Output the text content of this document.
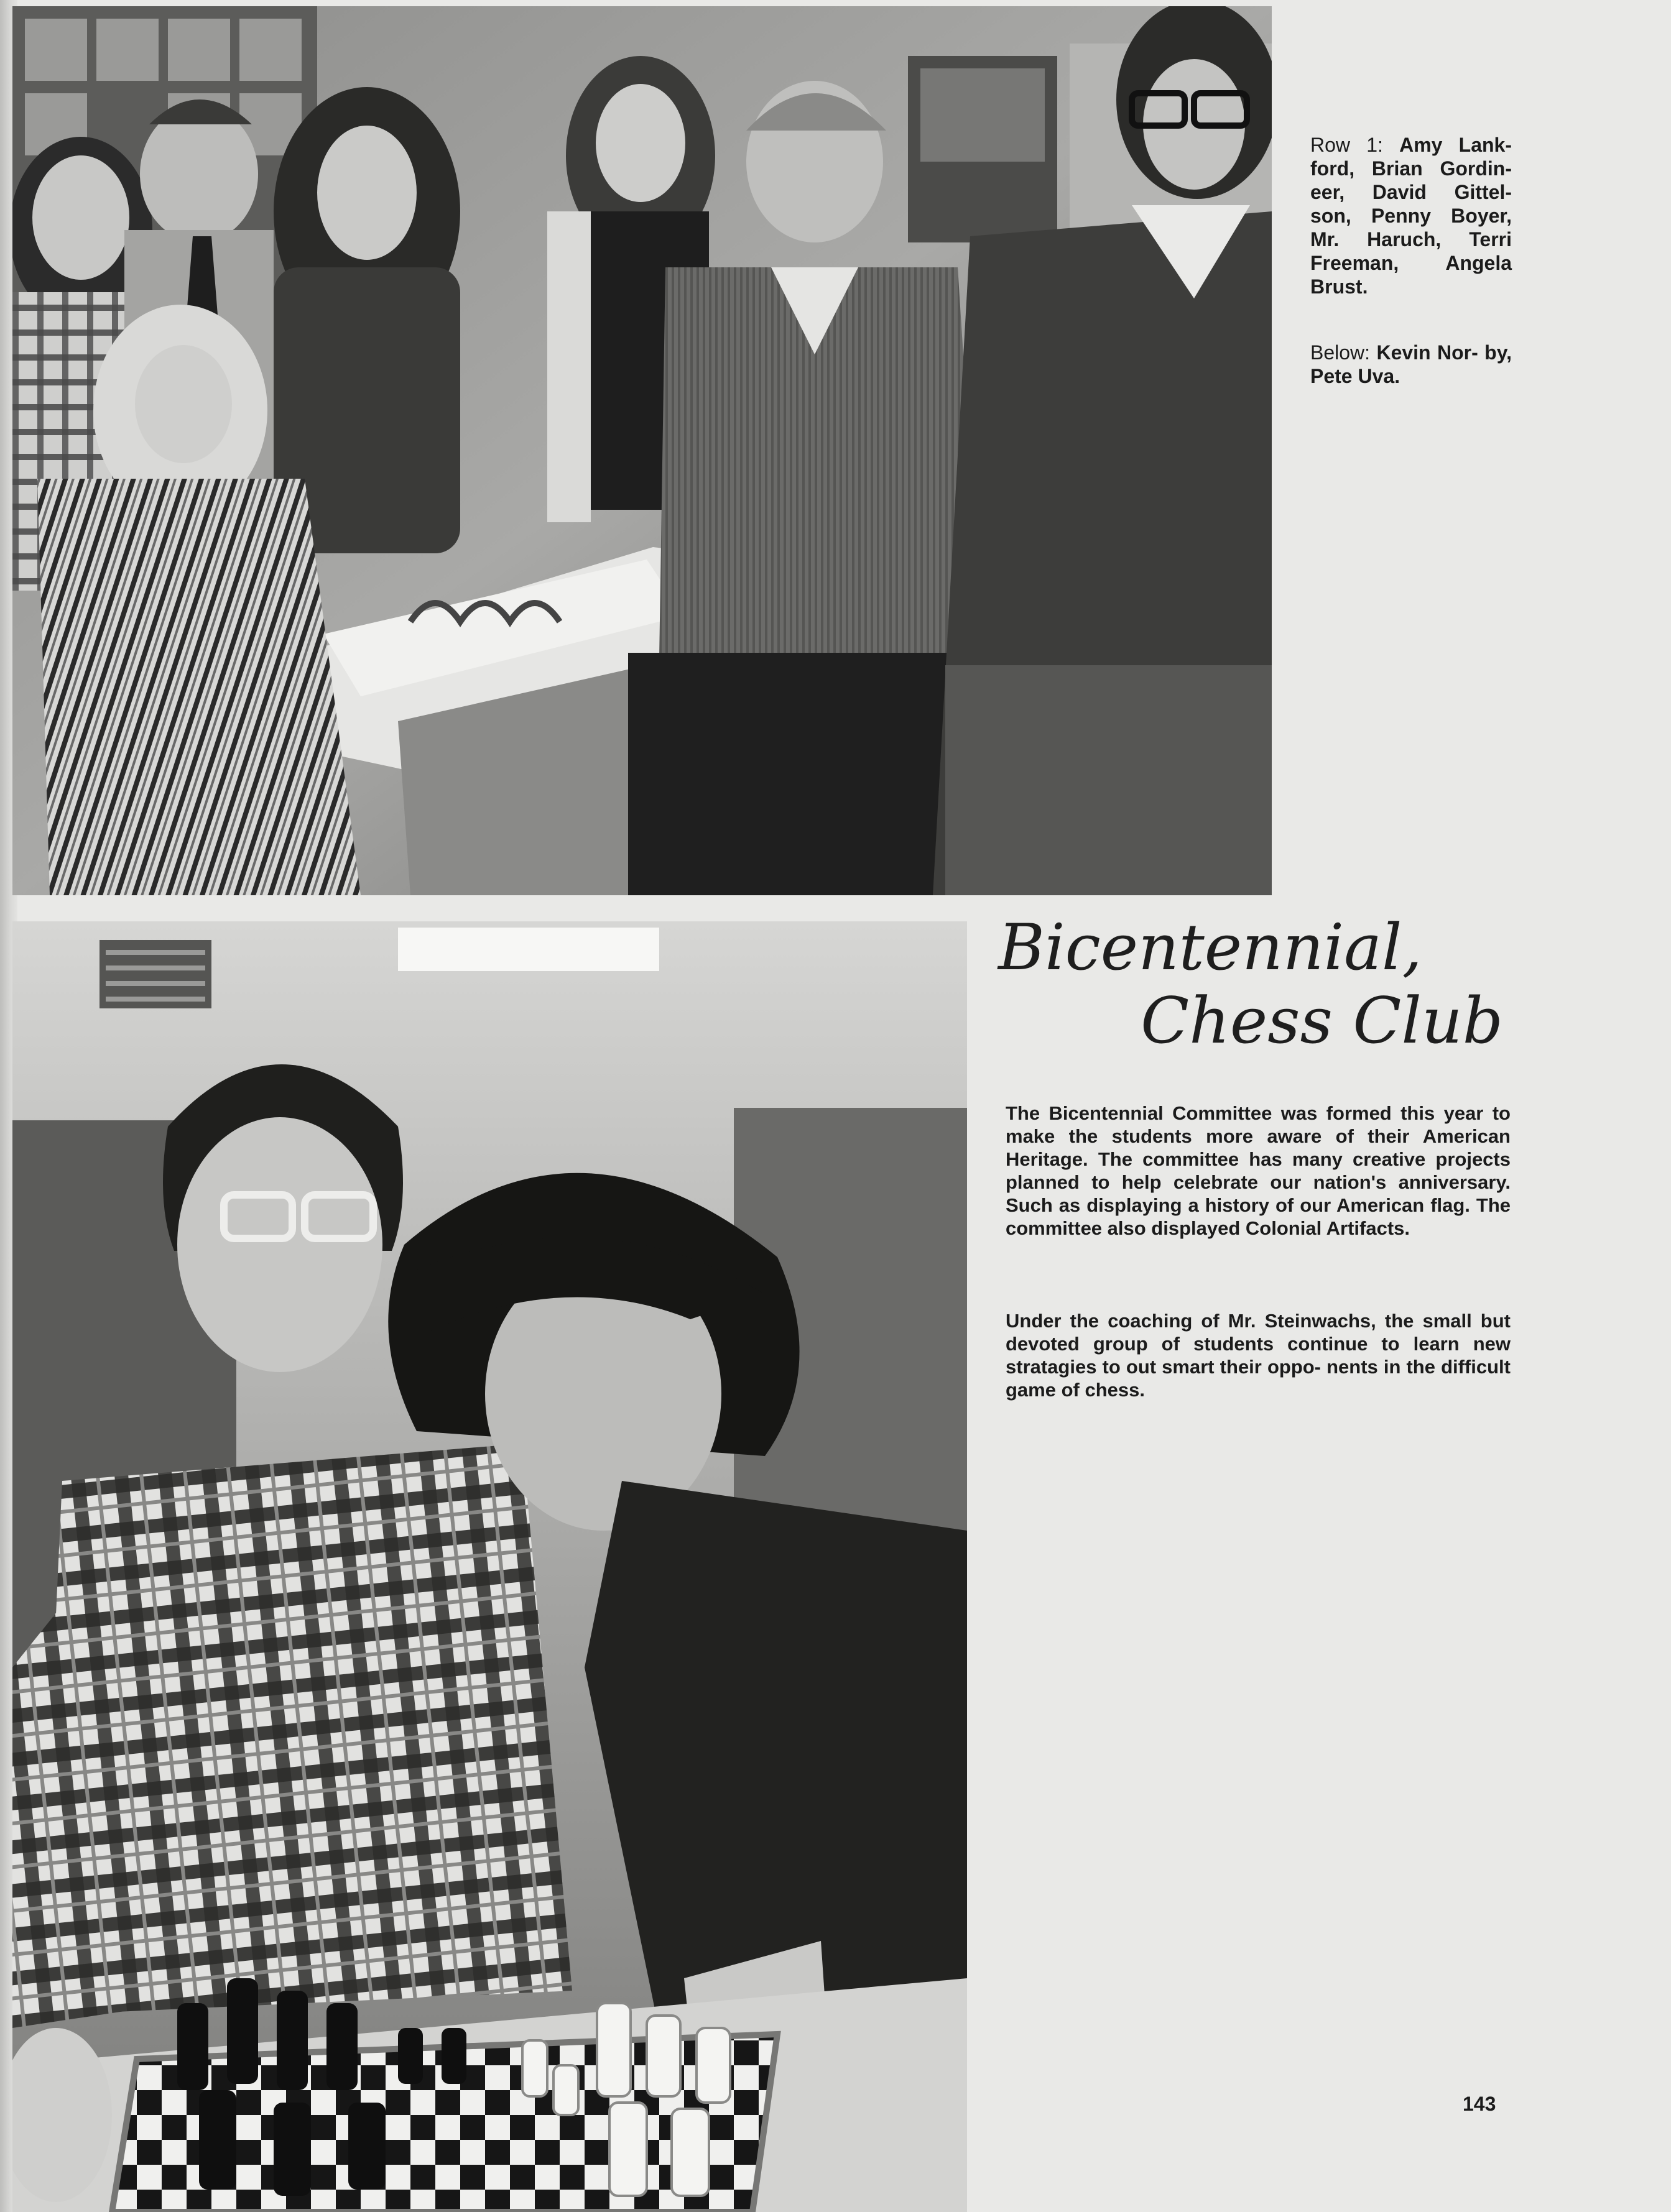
Row 1: Amy Lank- ford, Brian Gordin- eer, David Gittel- son, Penny Boyer, Mr. Haruch, Terri Freeman, Angela Brust.

Below: Kevin Nor- by, Pete Uva.

Bicentennial,
Chess Club

The Bicentennial Committee was formed this year to make the students more aware of their American Heritage. The committee has many creative projects planned to help celebrate our nation's anniversary. Such as displaying a history of our American flag. The committee also displayed Colonial Artifacts.

Under the coaching of Mr. Steinwachs, the small but devoted group of students continue to learn new stratagies to out smart their oppo- nents in the difficult game of chess.

143
